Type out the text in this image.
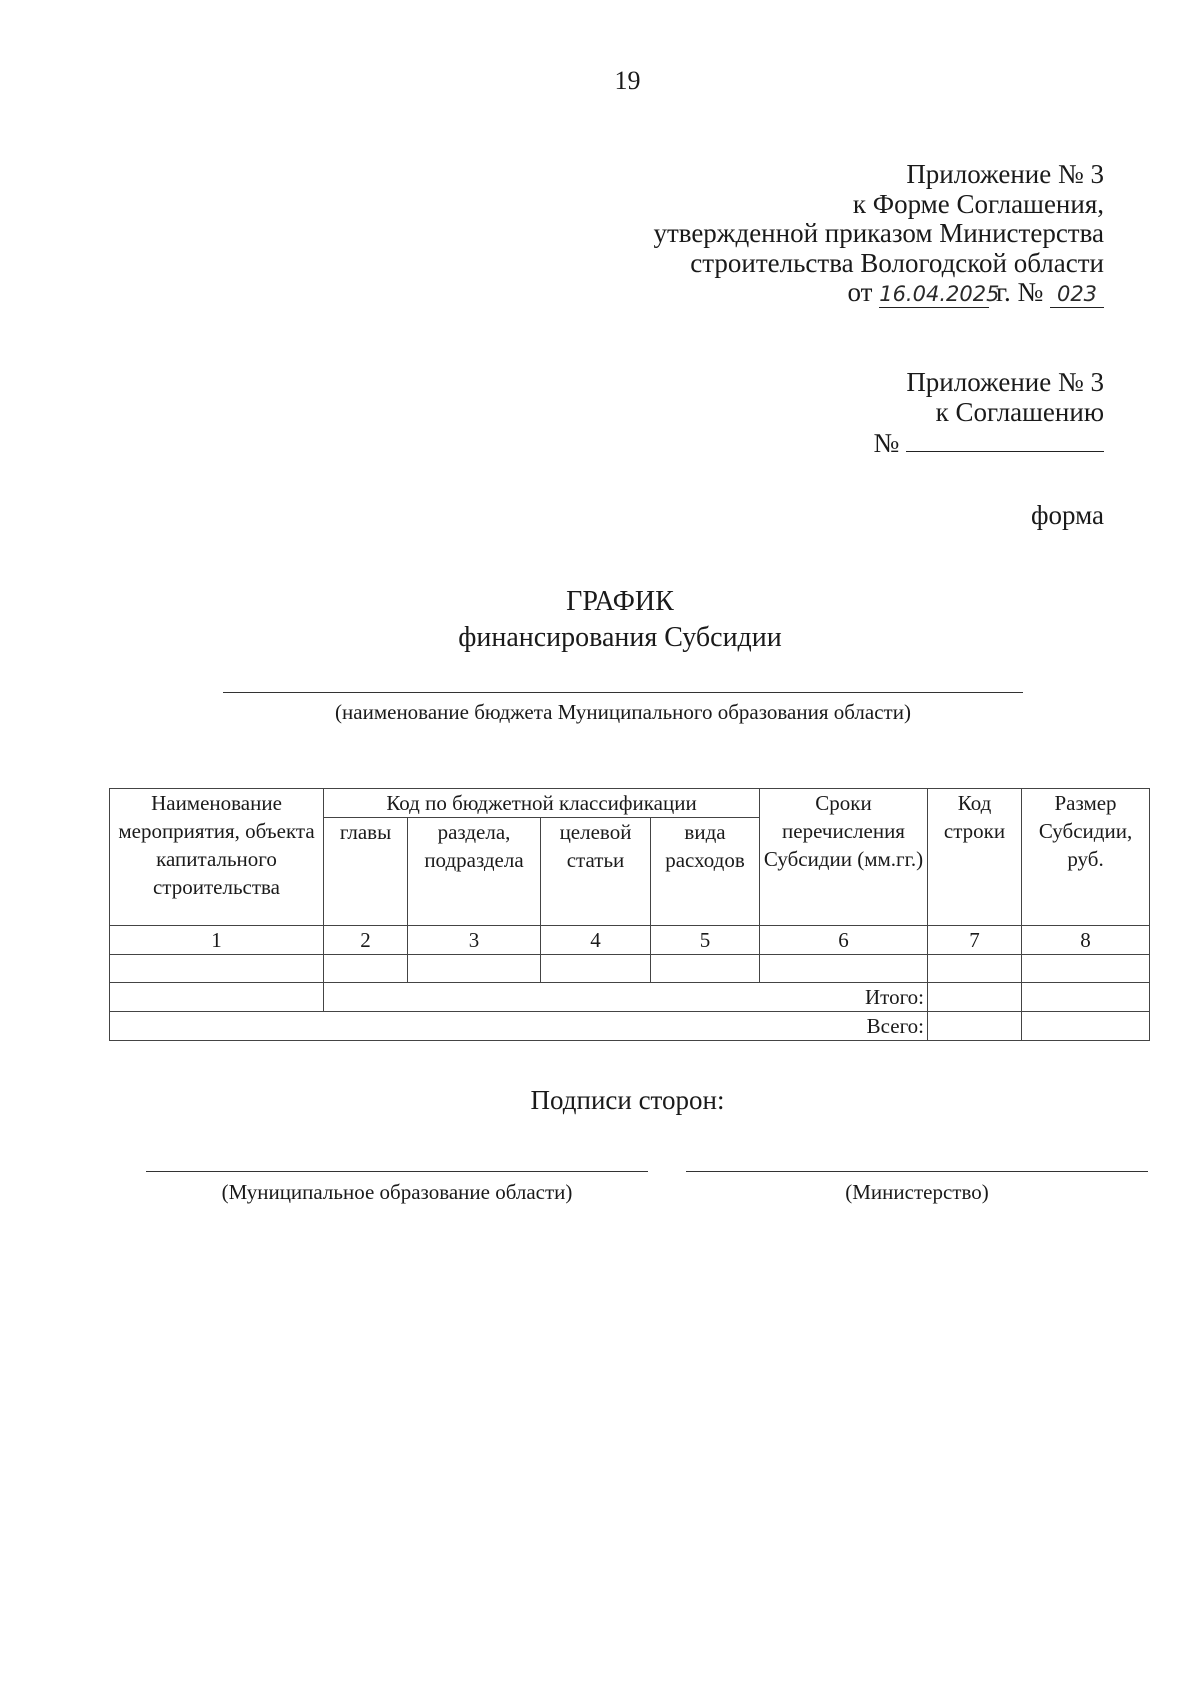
19
Приложение № 3
к Форме Соглашения,
утвержденной приказом Министерства
строительства Вологодской области
от 16.04.2025 г. № 023
Приложение № 3
к Соглашению
№
форма
ГРАФИК
финансирования Субсидии
(наименование бюджета Муниципального образования области)
Наименование мероприятия, объекта капитального строительства	Код по бюджетной классификации				Сроки перечисления Субсидии (мм.гг.)	Код строки	Размер Субсидии, руб.
	главы	раздела, подраздела	целевой статьи	вида расходов			
1	2	3	4	5	6	7	8

	Итого:						
Всего:							
Подписи сторон:
(Муниципальное образование области)	(Министерство)
